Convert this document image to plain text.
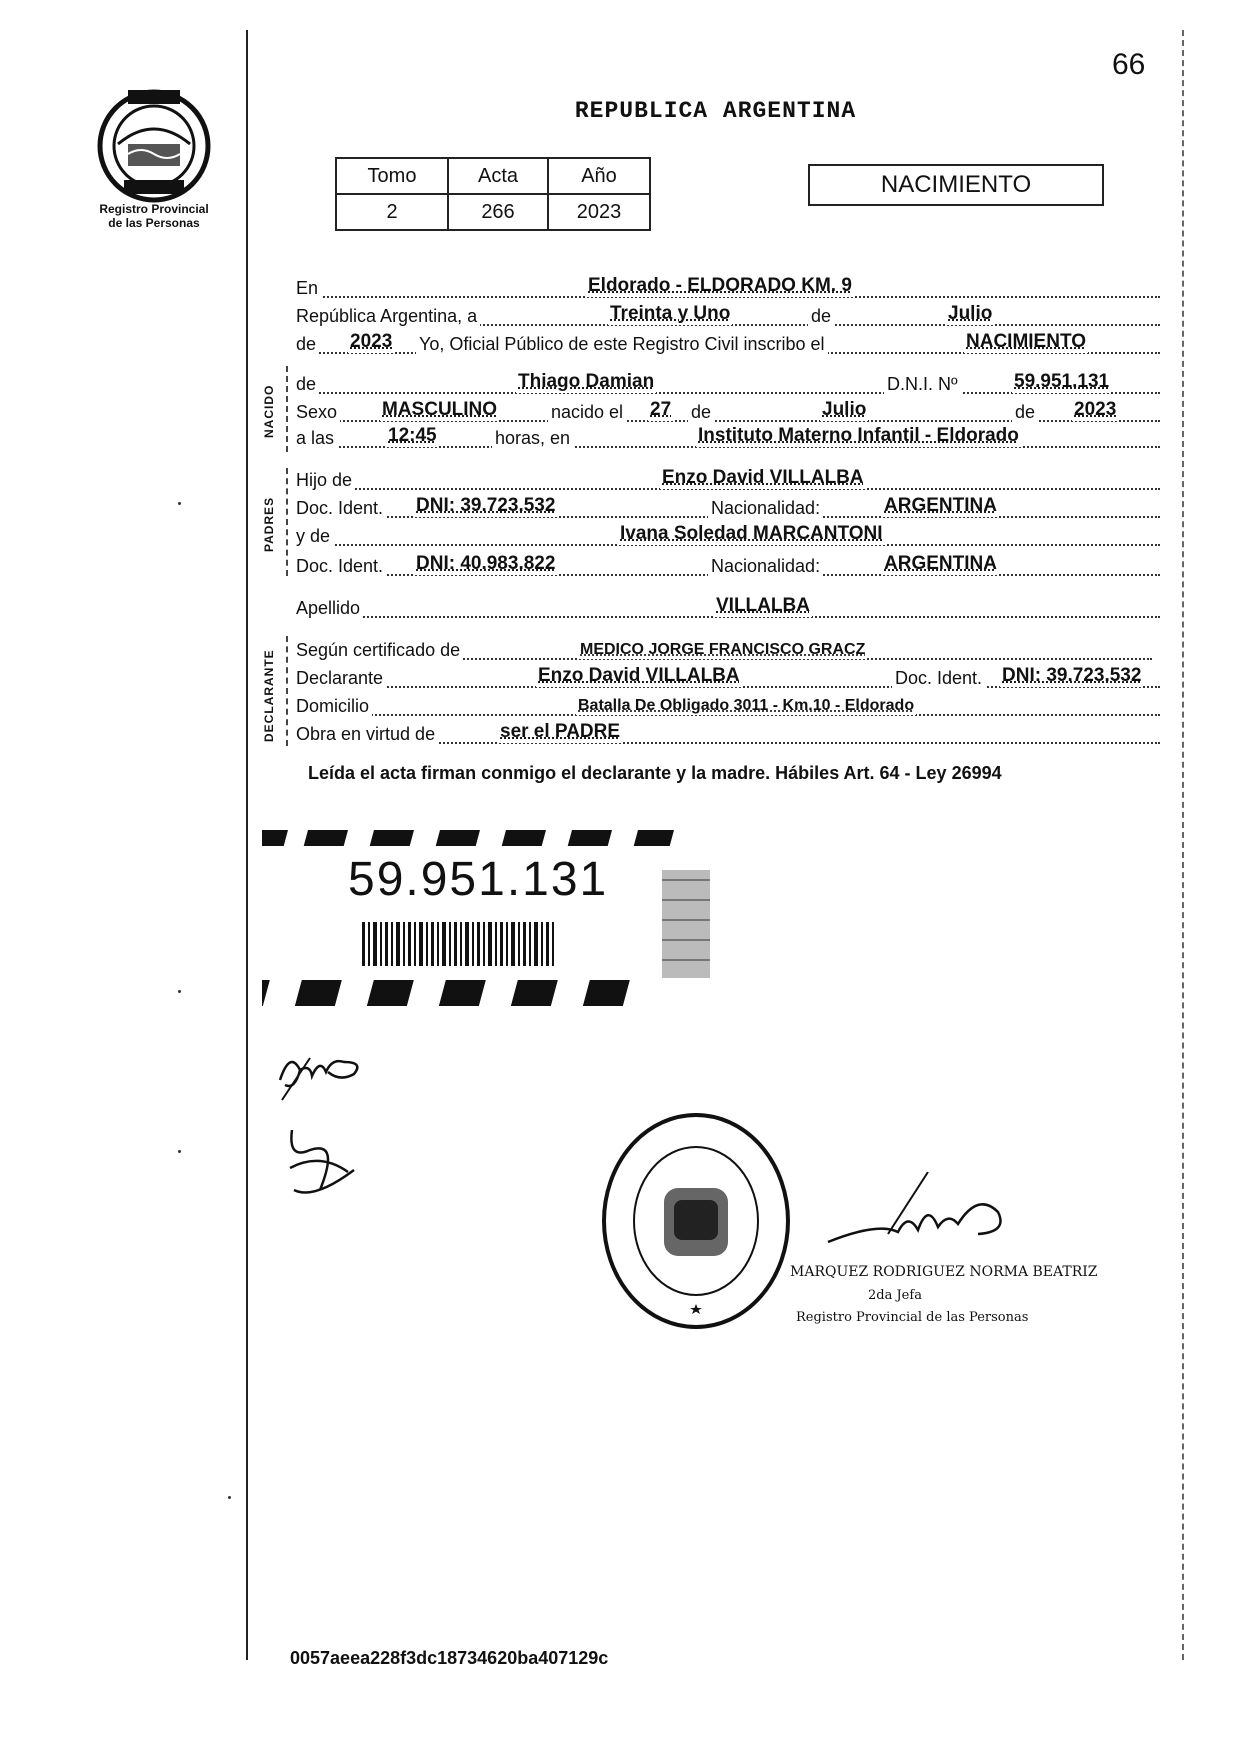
66
Registro Provincial
de las Personas
REPUBLICA ARGENTINA
Tomo	Acta	Año
2	266	2023
NACIMIENTO
En	Eldorado - ELDORADO KM. 9
República Argentina, a	Treinta y Uno	de	Julio
de 2023 Yo, Oficial Público de este Registro Civil inscribo el	NACIMIENTO
NACIDO
de	Thiago Damian	D.N.I. Nº	59.951.131
Sexo MASCULINO	nacido el 27 de	Julio	de 2023
a las	12:45	horas, en	Instituto Materno Infantil - Eldorado
PADRES
Hijo de	Enzo David VILLALBA
Doc. Ident. DNI: 39.723.532	Nacionalidad:	ARGENTINA
y de	Ivana Soledad MARCANTONI
Doc. Ident. DNI: 40.983.822	Nacionalidad:	ARGENTINA
Apellido	VILLALBA
DECLARANTE Según certificado de	MEDICO JORGE FRANCISCO GRACZ
Declarante	Enzo David VILLALBA	Doc. Ident. DNI: 39.723.532
Domicilio	Batalla De Obligado 3011 - Km.10 - Eldorado
Obra en virtud de	ser el PADRE
Leída el acta firman conmigo el declarante y la madre. Hábiles Art. 64 - Ley 26994
59.951.131
MARQUEZ RODRIGUEZ NORMA BEATRIZ
2da Jefa
Registro Provincial de las Personas
0057aeea228f3dc18734620ba407129c
